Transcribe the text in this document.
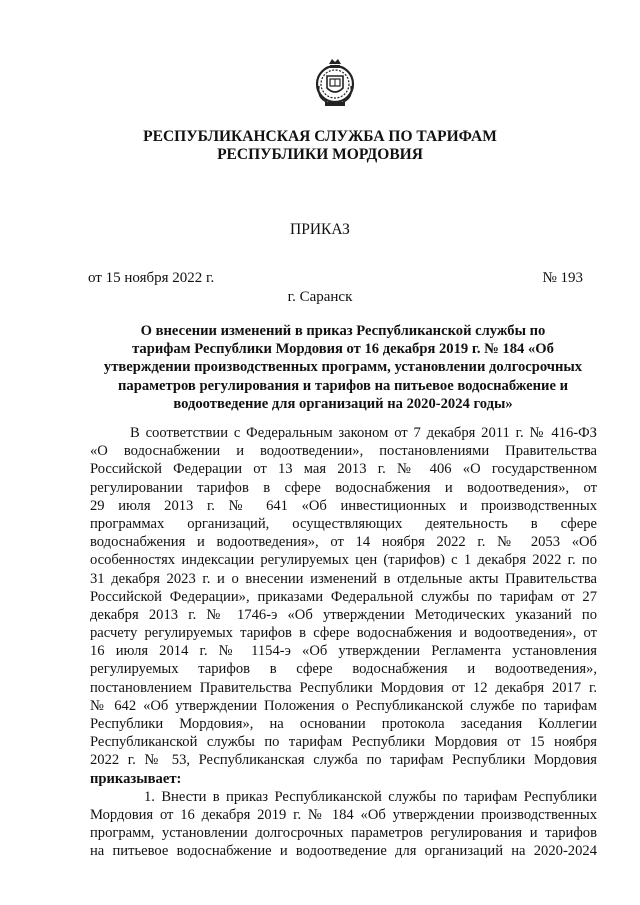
РЕСПУБЛИКАНСКАЯ СЛУЖБА ПО ТАРИФАМ
РЕСПУБЛИКИ МОРДОВИЯ
ПРИКАЗ
от 15 ноября 2022 г.	№ 193
г. Саранск
О внесении изменений в приказ Республиканской службы по
тарифам Республики Мордовия от 16 декабря 2019 г. № 184 «Об
утверждении производственных программ, установлении долгосрочных
параметров регулирования и тарифов на питьевое водоснабжение и
водоотведение для организаций на 2020-2024 годы»
В соответствии с Федеральным законом от 7 декабря 2011 г. № 416-ФЗ
«О водоснабжении и водоотведении», постановлениями Правительства
Российской Федерации от 13 мая 2013 г. № 406 «О государственном
регулировании тарифов в сфере водоснабжения и водоотведения», от
29 июля 2013 г. № 641 «Об инвестиционных и производственных
программах организаций, осуществляющих деятельность в сфере
водоснабжения и водоотведения», от 14 ноября 2022 г. № 2053 «Об
особенностях индексации регулируемых цен (тарифов) с 1 декабря 2022 г. по
31 декабря 2023 г. и о внесении изменений в отдельные акты Правительства
Российской Федерации», приказами Федеральной службы по тарифам от 27
декабря 2013 г. № 1746-э «Об утверждении Методических указаний по
расчету регулируемых тарифов в сфере водоснабжения и водоотведения», от
16 июля 2014 г. № 1154-э «Об утверждении Регламента установления
регулируемых тарифов в сфере водоснабжения и водоотведения»,
постановлением Правительства Республики Мордовия от 12 декабря 2017 г.
№ 642 «Об утверждении Положения о Республиканской службе по тарифам
Республики Мордовия», на основании протокола заседания Коллегии
Республиканской службы по тарифам Республики Мордовия от 15 ноября
2022 г. № 53, Республиканская служба по тарифам Республики Мордовия
приказывает:
1. Внести в приказ Республиканской службы по тарифам Республики
Мордовия от 16 декабря 2019 г. № 184 «Об утверждении производственных
программ, установлении долгосрочных параметров регулирования и тарифов
на питьевое водоснабжение и водоотведение для организаций на 2020-2024
